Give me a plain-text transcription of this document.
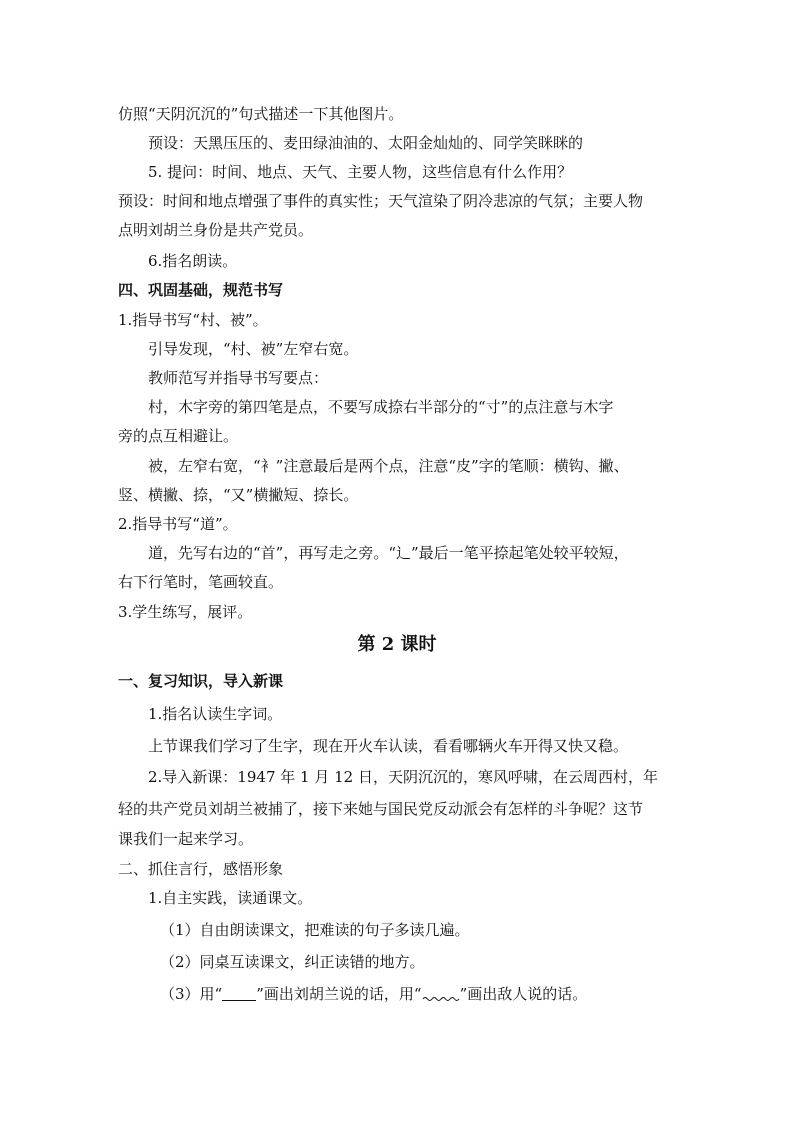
仿照“天阴沉沉的”句式描述一下其他图片。
预设：天黑压压的、麦田绿油油的、太阳金灿灿的、同学笑眯眯的
5. 提问：时间、地点、天气、主要人物，这些信息有什么作用？
预设：时间和地点增强了事件的真实性；天气渲染了阴冷悲凉的气氛；主要人物
点明刘胡兰身份是共产党员。
6.指名朗读。
四、巩固基础，规范书写
1.指导书写“村、被”。
引导发现，“村、被”左窄右宽。
教师范写并指导书写要点：
村，木字旁的第四笔是点，不要写成捺右半部分的“寸”的点注意与木字
旁的点互相避让。
被，左窄右宽，“衤”注意最后是两个点，注意“皮”字的笔顺：横钩、撇、
竖、横撇、捺，“又”横撇短、捺长。
2.指导书写“道”。
道，先写右边的“首”，再写走之旁。“辶”最后一笔平捺起笔处较平较短，
右下行笔时，笔画较直。
3.学生练写，展评。
第 2 课时
一、复习知识，导入新课
1.指名认读生字词。
上节课我们学习了生字，现在开火车认读，看看哪辆火车开得又快又稳。
2.导入新课：1947 年 1 月 12 日，天阴沉沉的，寒风呼啸，在云周西村，年
轻的共产党员刘胡兰被捕了，接下来她与国民党反动派会有怎样的斗争呢？这节
课我们一起来学习。
二、抓住言行，感悟形象
1.自主实践，读通课文。
（1）自由朗读课文，把难读的句子多读几遍。
（2）同桌互读课文，纠正读错的地方。
（3）用“ ”画出刘胡兰说的话，用“	”画出敌人说的话。
